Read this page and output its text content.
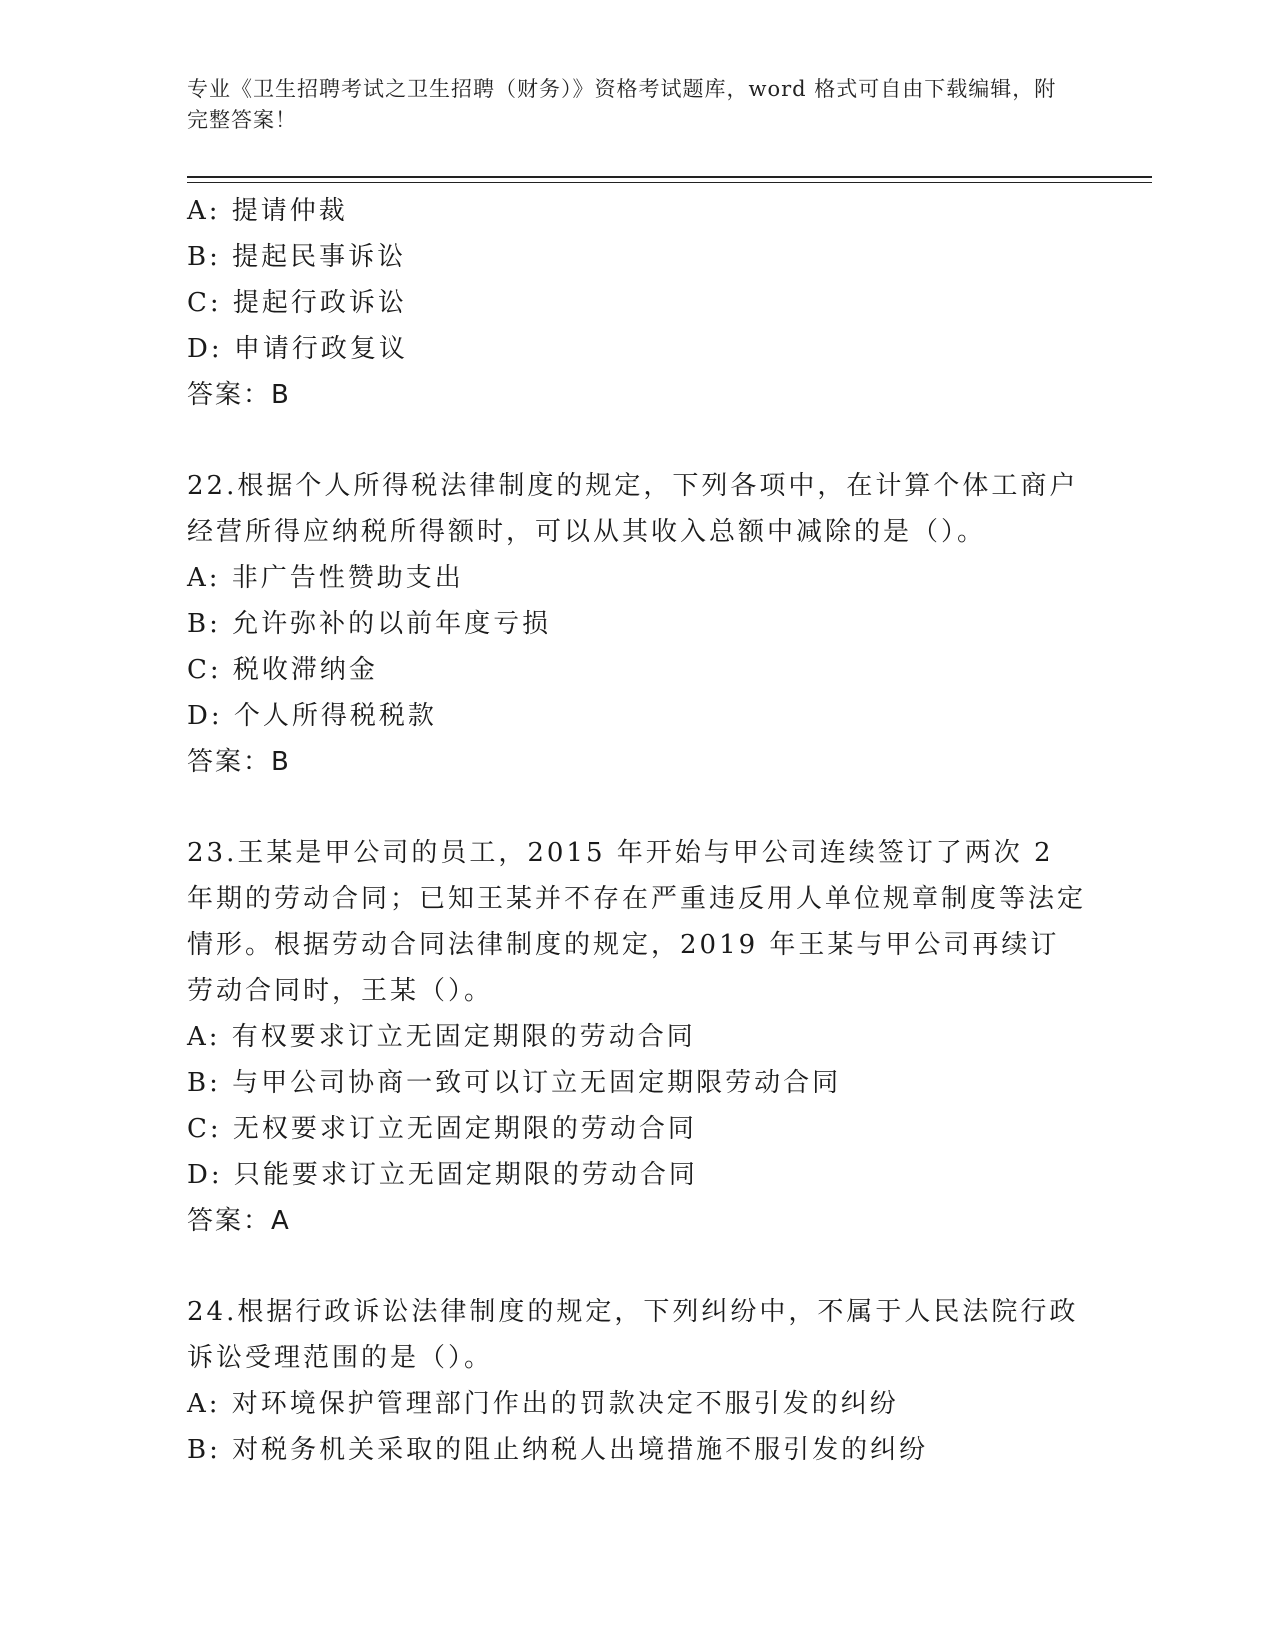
专业《卫生招聘考试之卫生招聘（财务）》资格考试题库，word 格式可自由下载编辑，附完整答案！
A: 提请仲裁
B: 提起民事诉讼
C: 提起行政诉讼
D: 申请行政复议
答案：B
22.根据个人所得税法律制度的规定，下列各项中，在计算个体工商户经营所得应纳税所得额时，可以从其收入总额中减除的是（）。
A: 非广告性赞助支出
B: 允许弥补的以前年度亏损
C: 税收滞纳金
D: 个人所得税税款
答案：B
23.王某是甲公司的员工，2015 年开始与甲公司连续签订了两次 2 年期的劳动合同；已知王某并不存在严重违反用人单位规章制度等法定情形。根据劳动合同法律制度的规定，2019 年王某与甲公司再续订劳动合同时，王某（）。
A: 有权要求订立无固定期限的劳动合同
B: 与甲公司协商一致可以订立无固定期限劳动合同
C: 无权要求订立无固定期限的劳动合同
D: 只能要求订立无固定期限的劳动合同
答案：A
24.根据行政诉讼法律制度的规定，下列纠纷中，不属于人民法院行政诉讼受理范围的是（）。
A: 对环境保护管理部门作出的罚款决定不服引发的纠纷
B: 对税务机关采取的阻止纳税人出境措施不服引发的纠纷
